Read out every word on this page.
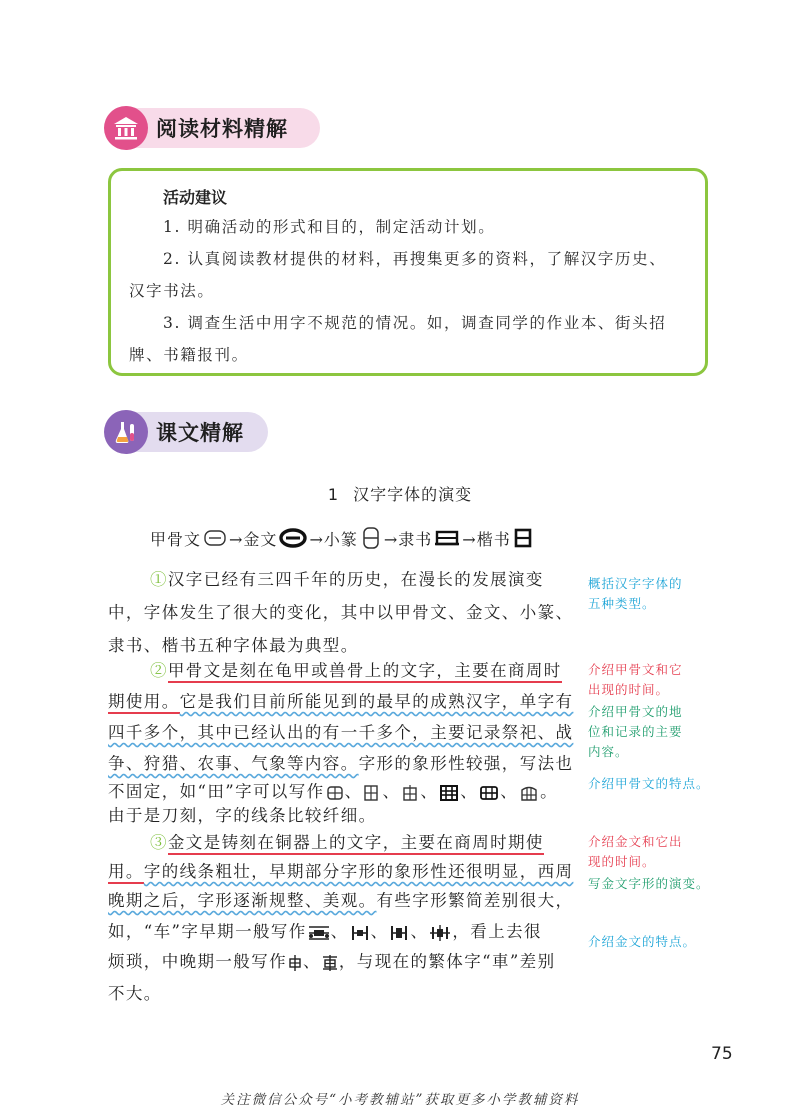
阅读材料精解
活动建议
1. 明确活动的形式和目的，制定活动计划。
2. 认真阅读教材提供的材料，再搜集更多的资料，了解汉字历史、
汉字书法。
3. 调查生活中用字不规范的情况。如，调查同学的作业本、街头招
牌、书籍报刊。
课文精解
1 汉字字体的演变
甲骨文 →金文 →小篆 →隶书 →楷书
①汉字已经有三四千年的历史，在漫长的发展演变
中，字体发生了很大的变化，其中以甲骨文、金文、小篆、
隶书、楷书五种字体最为典型。
②甲骨文是刻在龟甲或兽骨上的文字，主要在商周时
期使用。它是我们目前所能见到的最早的成熟汉字，单字有
四千多个，其中已经认出的有一千多个，主要记录祭祀、战
争、狩猎、农事、气象等内容。字形的象形性较强，写法也
不固定，如“田”字可以写作 、 、 、 、 、 。
由于是刀刻，字的线条比较纤细。
③金文是铸刻在铜器上的文字，主要在商周时期使
用。字的线条粗壮，早期部分字形的象形性还很明显，西周
晚期之后，字形逐渐规整、美观。有些字形繁简差别很大，
如，“车”字早期一般写作 、 、 、 ，看上去很
烦琐，中晚期一般写作 、 ，与现在的繁体字“車”差别
不大。
概括汉字字体的
五种类型。
介绍甲骨文和它
出现的时间。
介绍甲骨文的地
位和记录的主要
内容。
介绍甲骨文的特点。
介绍金文和它出
现的时间。
写金文字形的演变。
介绍金文的特点。
75
关注微信公众号“小考教辅站”获取更多小学教辅资料
